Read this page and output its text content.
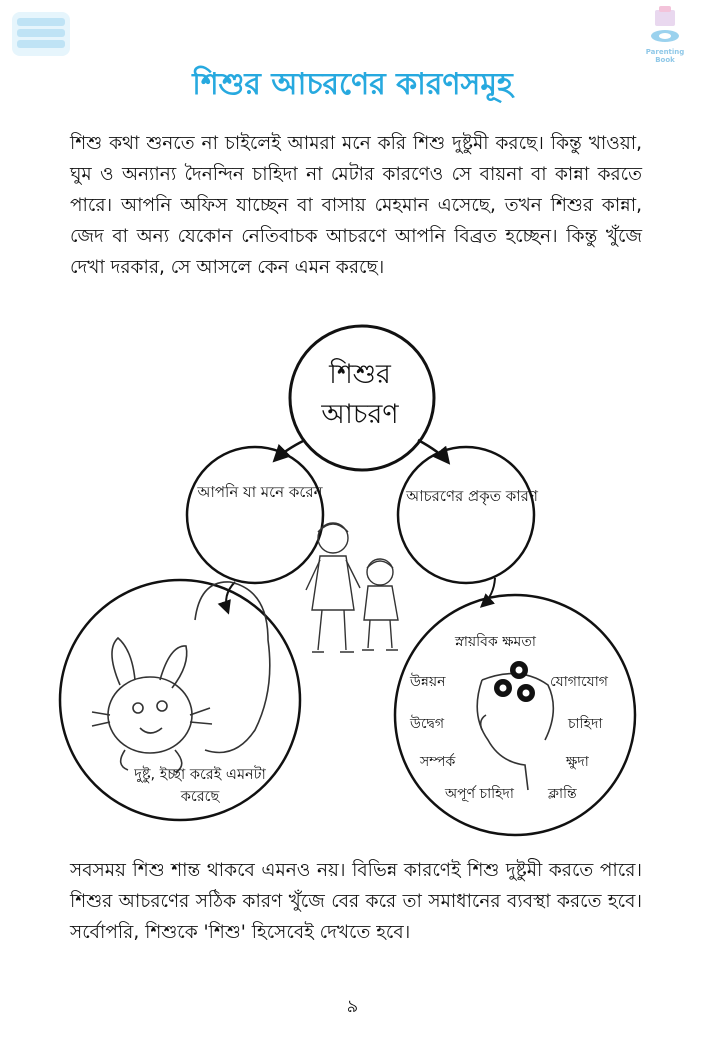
Parenting Book
শিশুর আচরণের কারণসমূহ
শিশু কথা শুনতে না চাইলেই আমরা মনে করি শিশু দুষ্টুমী করছে। কিন্তু খাওয়া, ঘুম ও অন্যান্য দৈনন্দিন চাহিদা না মেটার কারণেও সে বায়না বা কান্না করতে পারে। আপনি অফিস যাচ্ছেন বা বাসায় মেহমান এসেছে, তখন শিশুর কান্না, জেদ বা অন্য যেকোন নেতিবাচক আচরণে আপনি বিব্রত হচ্ছেন। কিন্তু খুঁজে দেখা দরকার, সে আসলে কেন এমন করছে।
শিশুর আচরণ
আপনি যা মনে করেন	আচরণের প্রকৃত কারণ
দুষ্টু, ইচ্ছা করেই এমনটা করেছে
স্নায়বিক ক্ষমতা
উন্নয়ন	যোগাযোগ
উদ্বেগ	চাহিদা
সম্পর্ক	ক্ষুদা
অপূর্ণ চাহিদা ক্লান্তি
সবসময় শিশু শান্ত থাকবে এমনও নয়। বিভিন্ন কারণেই শিশু দুষ্টুমী করতে পারে। শিশুর আচরণের সঠিক কারণ খুঁজে বের করে তা সমাধানের ব্যবস্থা করতে হবে। সর্বোপরি, শিশুকে 'শিশু' হিসেবেই দেখতে হবে।
৯
